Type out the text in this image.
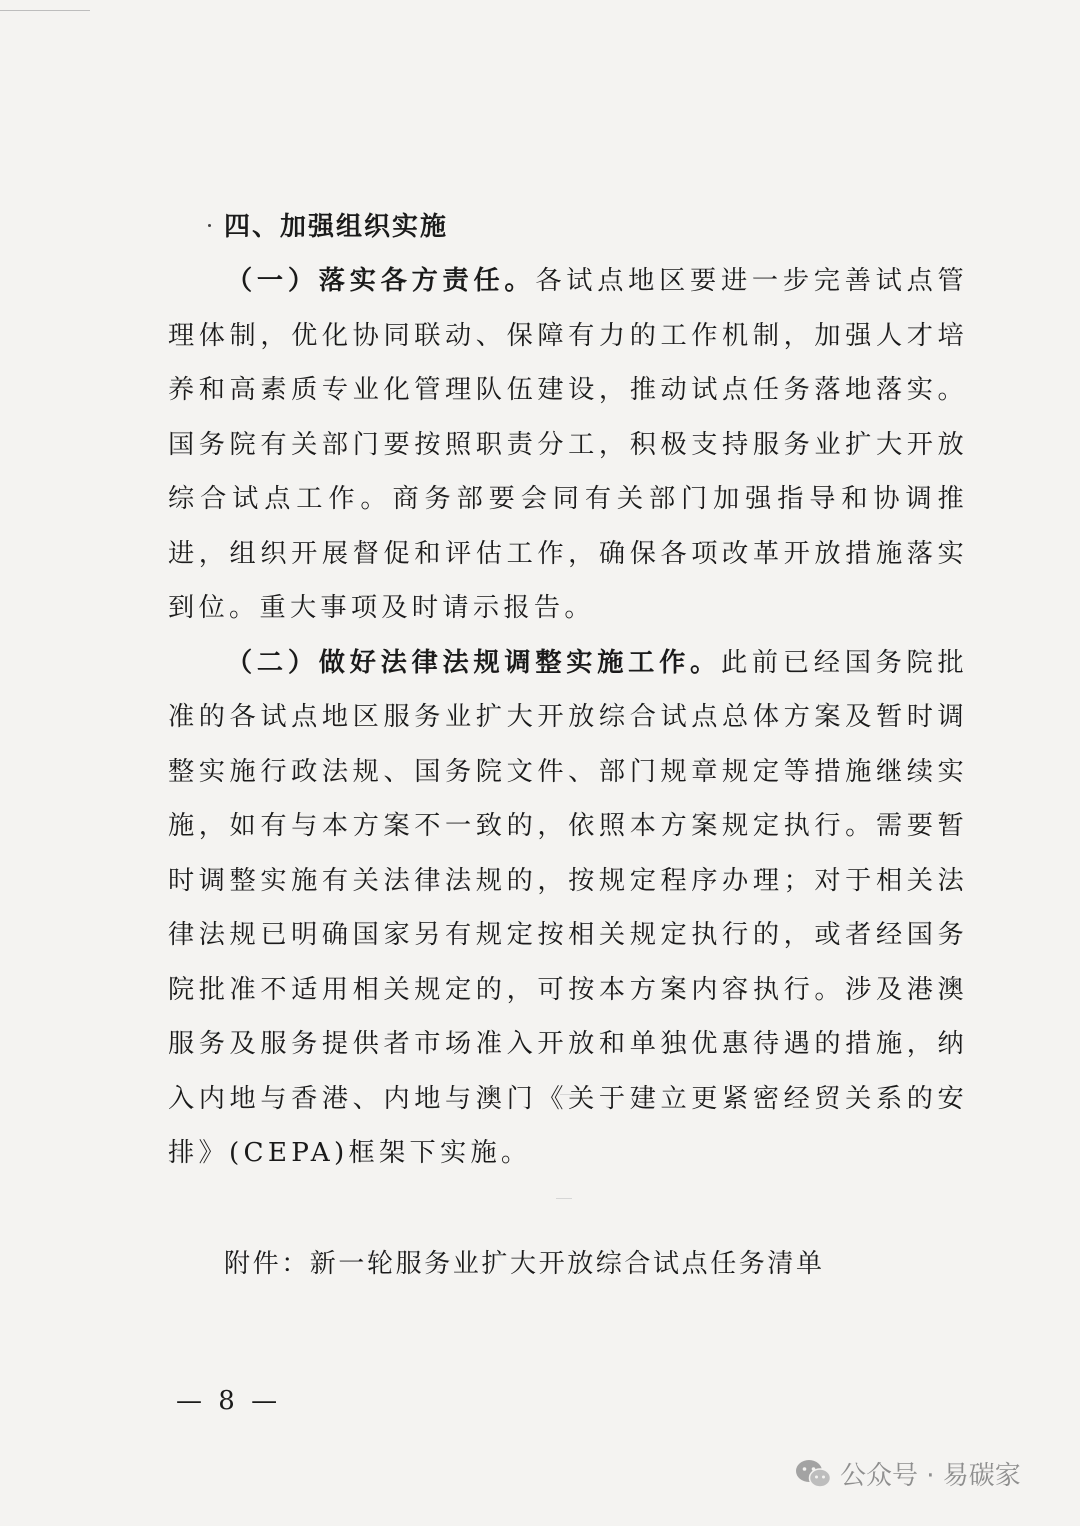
四、加强组织实施

（一）落实各方责任。各试点地区要进一步完善试点管理体制，优化协同联动、保障有力的工作机制，加强人才培养和高素质专业化管理队伍建设，推动试点任务落地落实。国务院有关部门要按照职责分工，积极支持服务业扩大开放综合试点工作。商务部要会同有关部门加强指导和协调推进，组织开展督促和评估工作，确保各项改革开放措施落实到位。重大事项及时请示报告。

（二）做好法律法规调整实施工作。此前已经国务院批准的各试点地区服务业扩大开放综合试点总体方案及暂时调整实施行政法规、国务院文件、部门规章规定等措施继续实施，如有与本方案不一致的，依照本方案规定执行。需要暂时调整实施有关法律法规的，按规定程序办理；对于相关法律法规已明确国家另有规定按相关规定执行的，或者经国务院批准不适用相关规定的，可按本方案内容执行。涉及港澳服务及服务提供者市场准入开放和单独优惠待遇的措施，纳入内地与香港、内地与澳门《关于建立更紧密经贸关系的安排》(CEPA)框架下实施。

附件：新一轮服务业扩大开放综合试点任务清单

— 8 —
公众号 · 易碳家
